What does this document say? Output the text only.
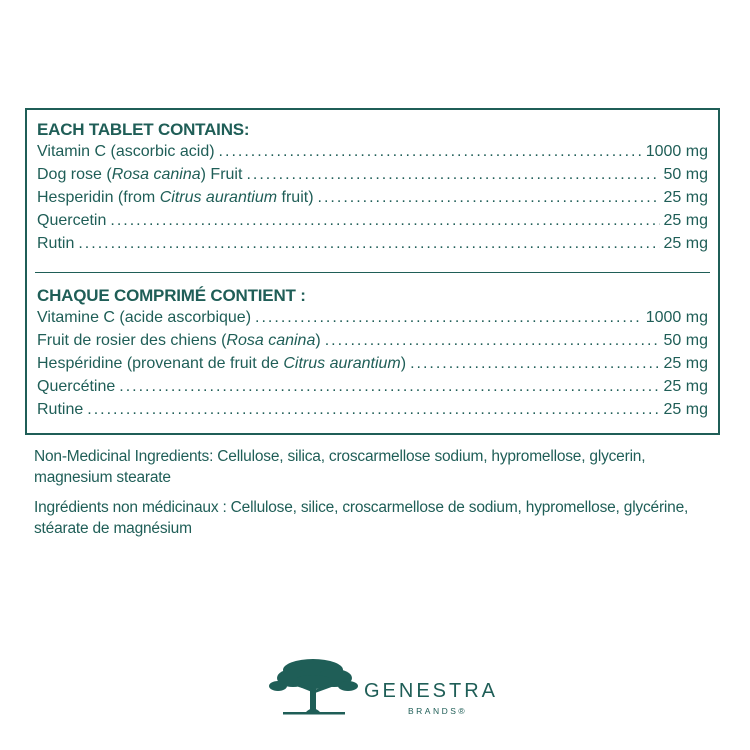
EACH TABLET CONTAINS:
Vitamin C (ascorbic acid) .....	1000 mg
Dog rose (Rosa canina) Fruit .....	50 mg
Hesperidin (from Citrus aurantium fruit) .....	25 mg
Quercetin .....	25 mg
Rutin .....	25 mg
CHAQUE COMPRIMÉ CONTIENT :
Vitamine C (acide ascorbique) .....	1000 mg
Fruit de rosier des chiens (Rosa canina) .....	50 mg
Hespéridine (provenant de fruit de Citrus aurantium) .....	25 mg
Quercétine .....	25 mg
Rutine .....	25 mg
Non-Medicinal Ingredients: Cellulose, silica, croscarmellose sodium, hypromellose, glycerin, magnesium stearate
Ingrédients non médicinaux : Cellulose, silice, croscarmellose de sodium, hypromellose, glycérine, stéarate de magnésium
GENESTRA
BRANDS®
